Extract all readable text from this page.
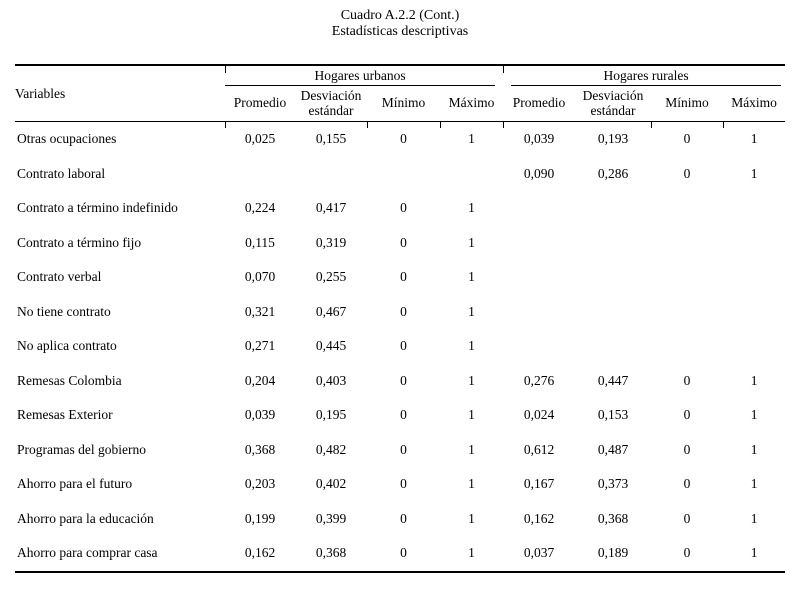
Cuadro A.2.2 (Cont.)
Estadísticas descriptivas
Variables	Hogares urbanos				Hogares rurales			

	Promedio	Desviación estándar	Mínimo	Máximo	Promedio	Desviación estándar	Mínimo	Máximo
Otras ocupaciones	0,025	0,155	0	1	0,039	0,193	0	1
Contrato laboral					0,090	0,286	0	1
Contrato a término indefinido	0,224	0,417	0	1				
Contrato a término fijo	0,115	0,319	0	1				
Contrato verbal	0,070	0,255	0	1				
No tiene contrato	0,321	0,467	0	1				
No aplica contrato	0,271	0,445	0	1				
Remesas Colombia	0,204	0,403	0	1	0,276	0,447	0	1
Remesas Exterior	0,039	0,195	0	1	0,024	0,153	0	1
Programas del gobierno	0,368	0,482	0	1	0,612	0,487	0	1
Ahorro para el futuro	0,203	0,402	0	1	0,167	0,373	0	1
Ahorro para la educación	0,199	0,399	0	1	0,162	0,368	0	1
Ahorro para comprar casa	0,162	0,368	0	1	0,037	0,189	0	1
